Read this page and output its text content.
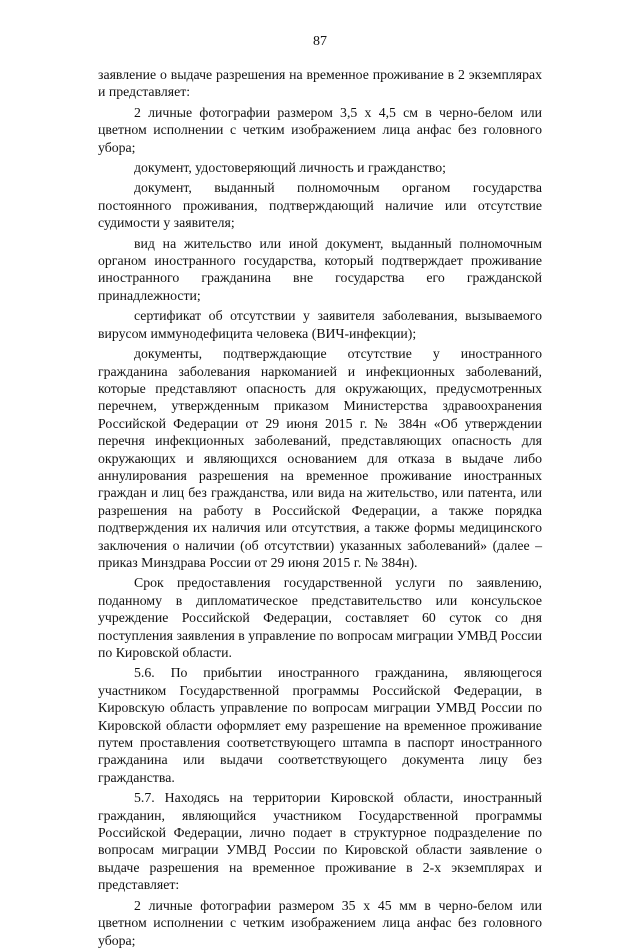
87

заявление о выдаче разрешения на временное проживание в 2 экземплярах и представляет:

2 личные фотографии размером 3,5 х 4,5 см в черно-белом или цветном исполнении с четким изображением лица анфас без головного убора;

документ, удостоверяющий личность и гражданство;

документ, выданный полномочным органом государства постоянного проживания, подтверждающий наличие или отсутствие судимости у заявителя;

вид на жительство или иной документ, выданный полномочным органом иностранного государства, который подтверждает проживание иностранного гражданина вне государства его гражданской принадлежности;

сертификат об отсутствии у заявителя заболевания, вызываемого вирусом иммунодефицита человека (ВИЧ-инфекции);

документы, подтверждающие отсутствие у иностранного гражданина заболевания наркоманией и инфекционных заболеваний, которые представляют опасность для окружающих, предусмотренных перечнем, утвержденным приказом Министерства здравоохранения Российской Федерации от 29 июня 2015 г. № 384н «Об утверждении перечня инфекционных заболеваний, представляющих опасность для окружающих и являющихся основанием для отказа в выдаче либо аннулирования разрешения на временное проживание иностранных граждан и лиц без гражданства, или вида на жительство, или патента, или разрешения на работу в Российской Федерации, а также порядка подтверждения их наличия или отсутствия, а также формы медицинского заключения о наличии (об отсутствии) указанных заболеваний» (далее – приказ Минздрава России от 29 июня 2015 г. № 384н).

Срок предоставления государственной услуги по заявлению, поданному в дипломатическое представительство или консульское учреждение Российской Федерации, составляет 60 суток со дня поступления заявления в управление по вопросам миграции УМВД России по Кировской области.

5.6. По прибытии иностранного гражданина, являющегося участником Государственной программы Российской Федерации, в Кировскую область управление по вопросам миграции УМВД России по Кировской области оформляет ему разрешение на временное проживание путем проставления соответствующего штампа в паспорт иностранного гражданина или выдачи соответствующего документа лицу без гражданства.

5.7. Находясь на территории Кировской области, иностранный гражданин, являющийся участником Государственной программы Российской Федерации, лично подает в структурное подразделение по вопросам миграции УМВД России по Кировской области заявление о выдаче разрешения на временное проживание в 2-х экземплярах и представляет:

2 личные фотографии размером 35 х 45 мм в черно-белом или цветном исполнении с четким изображением лица анфас без головного убора;
